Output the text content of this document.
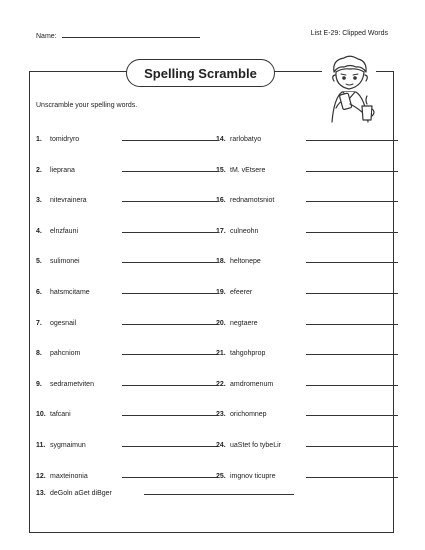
Name:	List E-29: Clipped Words
Spelling Scramble
Unscramble your spelling words.
1.	tomidryro
2.	lieprana
3.	nitevrainera
4.	elnzfauni
5.	sulimonei
6.	hatsmcitame
7.	ogesnail
8.	pahcniom
9.	sedrametviten
10. tafcani
11. sygmaimun
12. maxteinonia
13. deGoln aGet diBger
14. rarlobatyo
15. tM. vEtsere
16. rednamotsniot
17. culneohn
18. heltonepe
19. efeerer
20. negtaere
21. tahgohprop
22. amdromenum
23. orichomnep
24. uaStet fo tybeLir
25. imgnov ticupre
